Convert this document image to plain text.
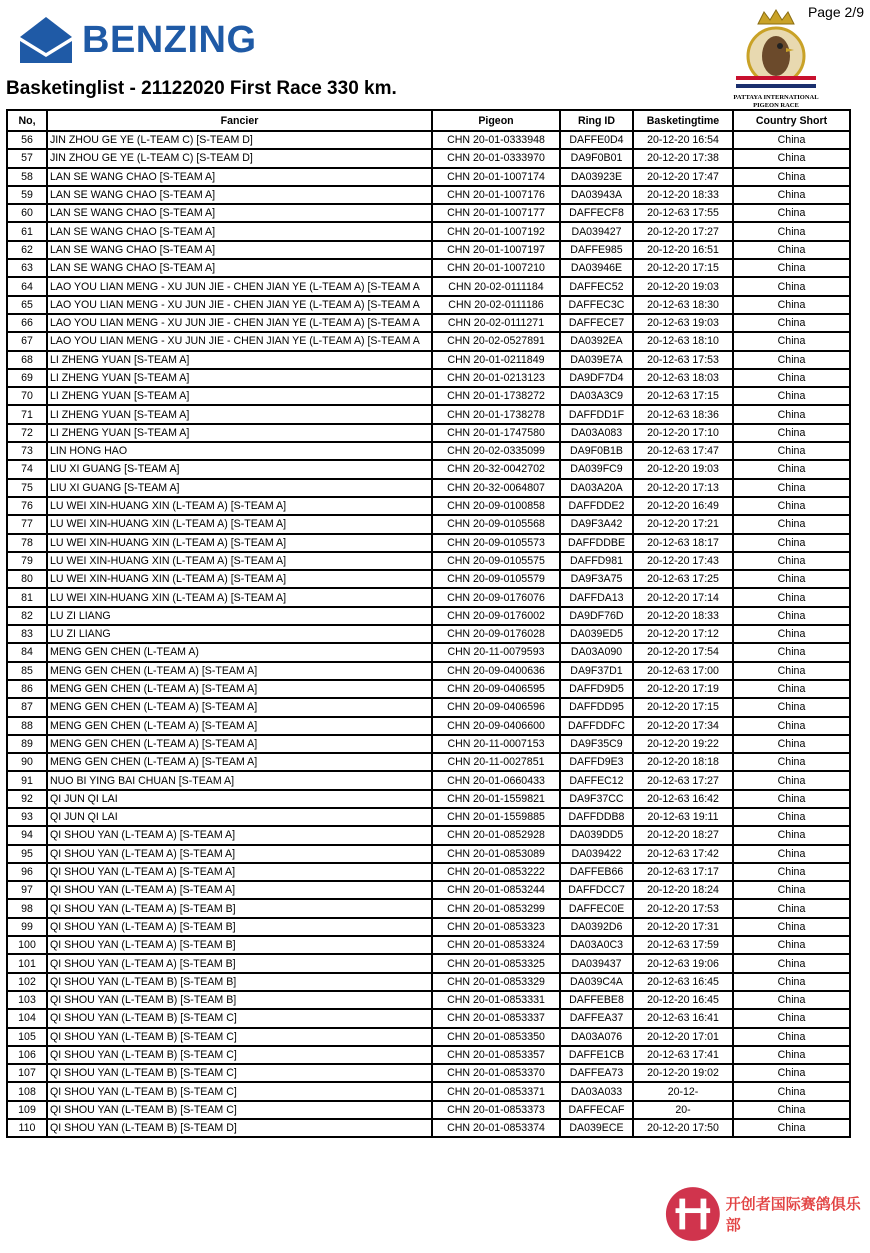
Page 2/9
BENZING
Basketinglist - 21122020 First Race 330 km.	PATTAYA INTERNATIONAL
PIGEON RACE
No,	Fancier	Pigeon	Ring ID	Basketingtime	Country Short
56	JIN ZHOU GE YE (L-TEAM C) [S-TEAM D]	CHN 20-01-0333948	DAFFE0D4	20-12-20 16:54	China
57	JIN ZHOU GE YE (L-TEAM C) [S-TEAM D]	CHN 20-01-0333970	DA9F0B01	20-12-20 17:38	China
58	LAN SE WANG CHAO [S-TEAM A]	CHN 20-01-1007174	DA03923E	20-12-20 17:47	China
59	LAN SE WANG CHAO [S-TEAM A]	CHN 20-01-1007176	DA03943A	20-12-20 18:33	China
60	LAN SE WANG CHAO [S-TEAM A]	CHN 20-01-1007177	DAFFECF8	20-12-63 17:55	China
61	LAN SE WANG CHAO [S-TEAM A]	CHN 20-01-1007192	DA039427	20-12-20 17:27	China
62	LAN SE WANG CHAO [S-TEAM A]	CHN 20-01-1007197	DAFFE985	20-12-20 16:51	China
63	LAN SE WANG CHAO [S-TEAM A]	CHN 20-01-1007210	DA03946E	20-12-20 17:15	China
64	LAO YOU LIAN MENG - XU JUN JIE - CHEN JIAN YE (L-TEAM A) [S-TEAM A	CHN 20-02-0111184	DAFFEC52	20-12-20 19:03	China
65	LAO YOU LIAN MENG - XU JUN JIE - CHEN JIAN YE (L-TEAM A) [S-TEAM A	CHN 20-02-0111186	DAFFEC3C	20-12-63 18:30	China
66	LAO YOU LIAN MENG - XU JUN JIE - CHEN JIAN YE (L-TEAM A) [S-TEAM A	CHN 20-02-0111271	DAFFECE7	20-12-63 19:03	China
67	LAO YOU LIAN MENG - XU JUN JIE - CHEN JIAN YE (L-TEAM A) [S-TEAM A	CHN 20-02-0527891	DA0392EA	20-12-63 18:10	China
68	LI ZHENG YUAN [S-TEAM A]	CHN 20-01-0211849	DA039E7A	20-12-63 17:53	China
69	LI ZHENG YUAN [S-TEAM A]	CHN 20-01-0213123	DA9DF7D4	20-12-63 18:03	China
70	LI ZHENG YUAN [S-TEAM A]	CHN 20-01-1738272	DA03A3C9	20-12-63 17:15	China
71	LI ZHENG YUAN [S-TEAM A]	CHN 20-01-1738278	DAFFDD1F	20-12-63 18:36	China
72	LI ZHENG YUAN [S-TEAM A]	CHN 20-01-1747580	DA03A083	20-12-20 17:10	China
73	LIN HONG HAO	CHN 20-02-0335099	DA9F0B1B	20-12-63 17:47	China
74	LIU XI GUANG [S-TEAM A]	CHN 20-32-0042702	DA039FC9	20-12-20 19:03	China
75	LIU XI GUANG [S-TEAM A]	CHN 20-32-0064807	DA03A20A	20-12-20 17:13	China
76	LU WEI XIN-HUANG XIN (L-TEAM A) [S-TEAM A]	CHN 20-09-0100858	DAFFDDE2	20-12-20 16:49	China
77	LU WEI XIN-HUANG XIN (L-TEAM A) [S-TEAM A]	CHN 20-09-0105568	DA9F3A42	20-12-20 17:21	China
78	LU WEI XIN-HUANG XIN (L-TEAM A) [S-TEAM A]	CHN 20-09-0105573	DAFFDDBE	20-12-63 18:17	China
79	LU WEI XIN-HUANG XIN (L-TEAM A) [S-TEAM A]	CHN 20-09-0105575	DAFFD981	20-12-20 17:43	China
80	LU WEI XIN-HUANG XIN (L-TEAM A) [S-TEAM A]	CHN 20-09-0105579	DA9F3A75	20-12-63 17:25	China
81	LU WEI XIN-HUANG XIN (L-TEAM A) [S-TEAM A]	CHN 20-09-0176076	DAFFDA13	20-12-20 17:14	China
82	LU ZI LIANG	CHN 20-09-0176002	DA9DF76D	20-12-20 18:33	China
83	LU ZI LIANG	CHN 20-09-0176028	DA039ED5	20-12-20 17:12	China
84	MENG GEN CHEN (L-TEAM A)	CHN 20-11-0079593	DA03A090	20-12-20 17:54	China
85	MENG GEN CHEN (L-TEAM A) [S-TEAM A]	CHN 20-09-0400636	DA9F37D1	20-12-63 17:00	China
86	MENG GEN CHEN (L-TEAM A) [S-TEAM A]	CHN 20-09-0406595	DAFFD9D5	20-12-20 17:19	China
87	MENG GEN CHEN (L-TEAM A) [S-TEAM A]	CHN 20-09-0406596	DAFFDD95	20-12-20 17:15	China
88	MENG GEN CHEN (L-TEAM A) [S-TEAM A]	CHN 20-09-0406600	DAFFDDFC	20-12-20 17:34	China
89	MENG GEN CHEN (L-TEAM A) [S-TEAM A]	CHN 20-11-0007153	DA9F35C9	20-12-20 19:22	China
90	MENG GEN CHEN (L-TEAM A) [S-TEAM A]	CHN 20-11-0027851	DAFFD9E3	20-12-20 18:18	China
91	NUO BI YING BAI CHUAN [S-TEAM A]	CHN 20-01-0660433	DAFFEC12	20-12-63 17:27	China
92	QI JUN QI LAI	CHN 20-01-1559821	DA9F37CC	20-12-63 16:42	China
93	QI JUN QI LAI	CHN 20-01-1559885	DAFFDDB8	20-12-63 19:11	China
94	QI SHOU YAN (L-TEAM A) [S-TEAM A]	CHN 20-01-0852928	DA039DD5	20-12-20 18:27	China
95	QI SHOU YAN (L-TEAM A) [S-TEAM A]	CHN 20-01-0853089	DA039422	20-12-63 17:42	China
96	QI SHOU YAN (L-TEAM A) [S-TEAM A]	CHN 20-01-0853222	DAFFEB66	20-12-63 17:17	China
97	QI SHOU YAN (L-TEAM A) [S-TEAM A]	CHN 20-01-0853244	DAFFDCC7	20-12-20 18:24	China
98	QI SHOU YAN (L-TEAM A) [S-TEAM B]	CHN 20-01-0853299	DAFFEC0E	20-12-20 17:53	China
99	QI SHOU YAN (L-TEAM A) [S-TEAM B]	CHN 20-01-0853323	DA0392D6	20-12-20 17:31	China
100	QI SHOU YAN (L-TEAM A) [S-TEAM B]	CHN 20-01-0853324	DA03A0C3	20-12-63 17:59	China
101	QI SHOU YAN (L-TEAM A) [S-TEAM B]	CHN 20-01-0853325	DA039437	20-12-63 19:06	China
102	QI SHOU YAN (L-TEAM B) [S-TEAM B]	CHN 20-01-0853329	DA039C4A	20-12-63 16:45	China
103	QI SHOU YAN (L-TEAM B) [S-TEAM B]	CHN 20-01-0853331	DAFFEBE8	20-12-20 16:45	China
104	QI SHOU YAN (L-TEAM B) [S-TEAM C]	CHN 20-01-0853337	DAFFEA37	20-12-63 16:41	China
105	QI SHOU YAN (L-TEAM B) [S-TEAM C]	CHN 20-01-0853350	DA03A076	20-12-20 17:01	China
106	QI SHOU YAN (L-TEAM B) [S-TEAM C]	CHN 20-01-0853357	DAFFE1CB	20-12-63 17:41	China
107	QI SHOU YAN (L-TEAM B) [S-TEAM C]	CHN 20-01-0853370	DAFFEA73	20-12-20 19:02	China
108	QI SHOU YAN (L-TEAM B) [S-TEAM C]	CHN 20-01-0853371	DA03A033	20-12-	China
109	QI SHOU YAN (L-TEAM B) [S-TEAM C]	CHN 20-01-0853373	DAFFECAF	20-	China
110	QI SHOU YAN (L-TEAM B) [S-TEAM D]	CHN 20-01-0853374	DA039ECE	20-12-20 17:50	China
开创者国际赛鸽俱乐部
